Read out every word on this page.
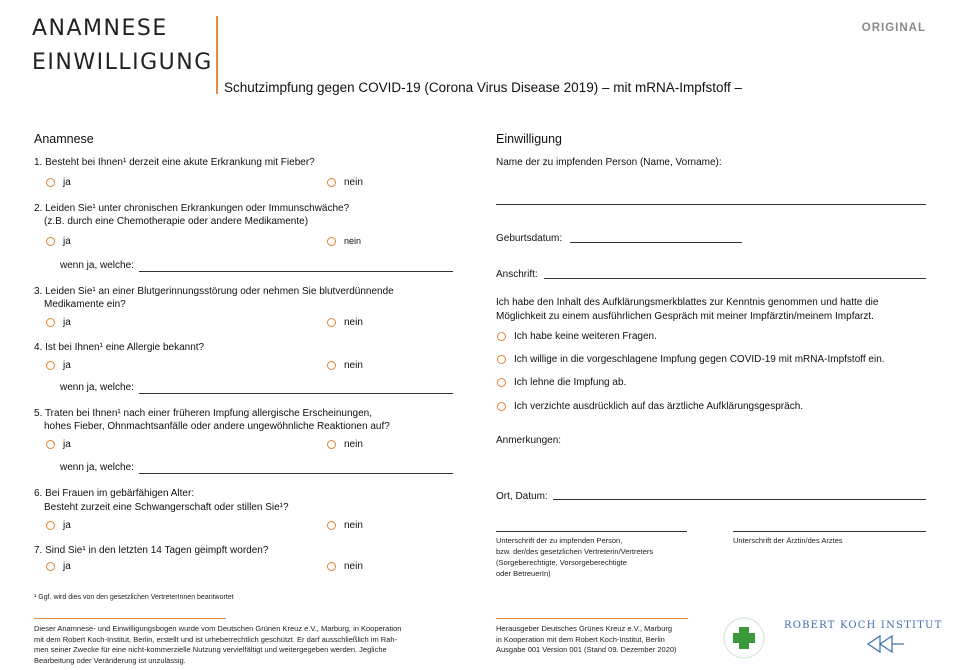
ANAMNESE
EINWILLIGUNG
Schutzimpfung gegen COVID-19 (Corona Virus Disease 2019) – mit mRNA-Impfstoff –
ORIGINAL
Anamnese
1. Besteht bei Ihnen¹ derzeit eine akute Erkrankung mit Fieber?
ja	nein
2. Leiden Sie¹ unter chronischen Erkrankungen oder Immunschwäche?
(z.B. durch eine Chemotherapie oder andere Medikamente)
ja	nein
wenn ja, welche:
3. Leiden Sie¹ an einer Blutgerinnungsstörung oder nehmen Sie blutverdünnende
Medikamente ein?
ja	nein
4. Ist bei Ihnen¹ eine Allergie bekannt?
ja	nein
wenn ja, welche:
5. Traten bei Ihnen¹ nach einer früheren Impfung allergische Erscheinungen,
hohes Fieber, Ohnmachtsanfälle oder andere ungewöhnliche Reaktionen auf?
ja	nein
wenn ja, welche:
6. Bei Frauen im gebärfähigen Alter:
Besteht zurzeit eine Schwangerschaft oder stillen Sie¹?
ja	nein
7. Sind Sie¹ in den letzten 14 Tagen geimpft worden?
ja	nein
¹ Ggf. wird dies von den gesetzlichen VertreterInnen beantwortet
Einwilligung
Name der zu impfenden Person (Name, Vorname):
Geburtsdatum:
Anschrift:
Ich habe den Inhalt des Aufklärungsmerkblattes zur Kenntnis genommen und hatte die
Möglichkeit zu einem ausführlichen Gespräch mit meiner Impfärztin/meinem Impfarzt.
Ich habe keine weiteren Fragen.
Ich willige in die vorgeschlagene Impfung gegen COVID-19 mit mRNA-Impfstoff ein.
Ich lehne die Impfung ab.
Ich verzichte ausdrücklich auf das ärztliche Aufklärungsgespräch.
Anmerkungen:
Ort, Datum:
Unterschrift der zu impfenden Person,
bzw. der/des gesetzlichen Vertreterin/Vertreters
(Sorgeberechtigte, Vorsorgeberechtigte
oder BetreuerIn)
Unterschrift der Ärztin/des Arztes
Dieser Anamnese- und Einwilligungsbogen wurde vom Deutschen Grünen Kreuz e.V., Marburg, in Kooperation
mit dem Robert Koch-Institut, Berlin, erstellt und ist urheberrechtlich geschützt. Er darf ausschließlich im Rah-
men seiner Zwecke für eine nicht-kommerzielle Nutzung vervielfältigt und weitergegeben werden. Jegliche
Bearbeitung oder Veränderung ist unzulässig.
Herausgeber Deutsches Grünes Kreuz e.V., Marburg
in Kooperation mit dem Robert Koch-Institut, Berlin
Ausgabe 001 Version 001 (Stand 09. Dezember 2020)
ROBERT KOCH INSTITUT
